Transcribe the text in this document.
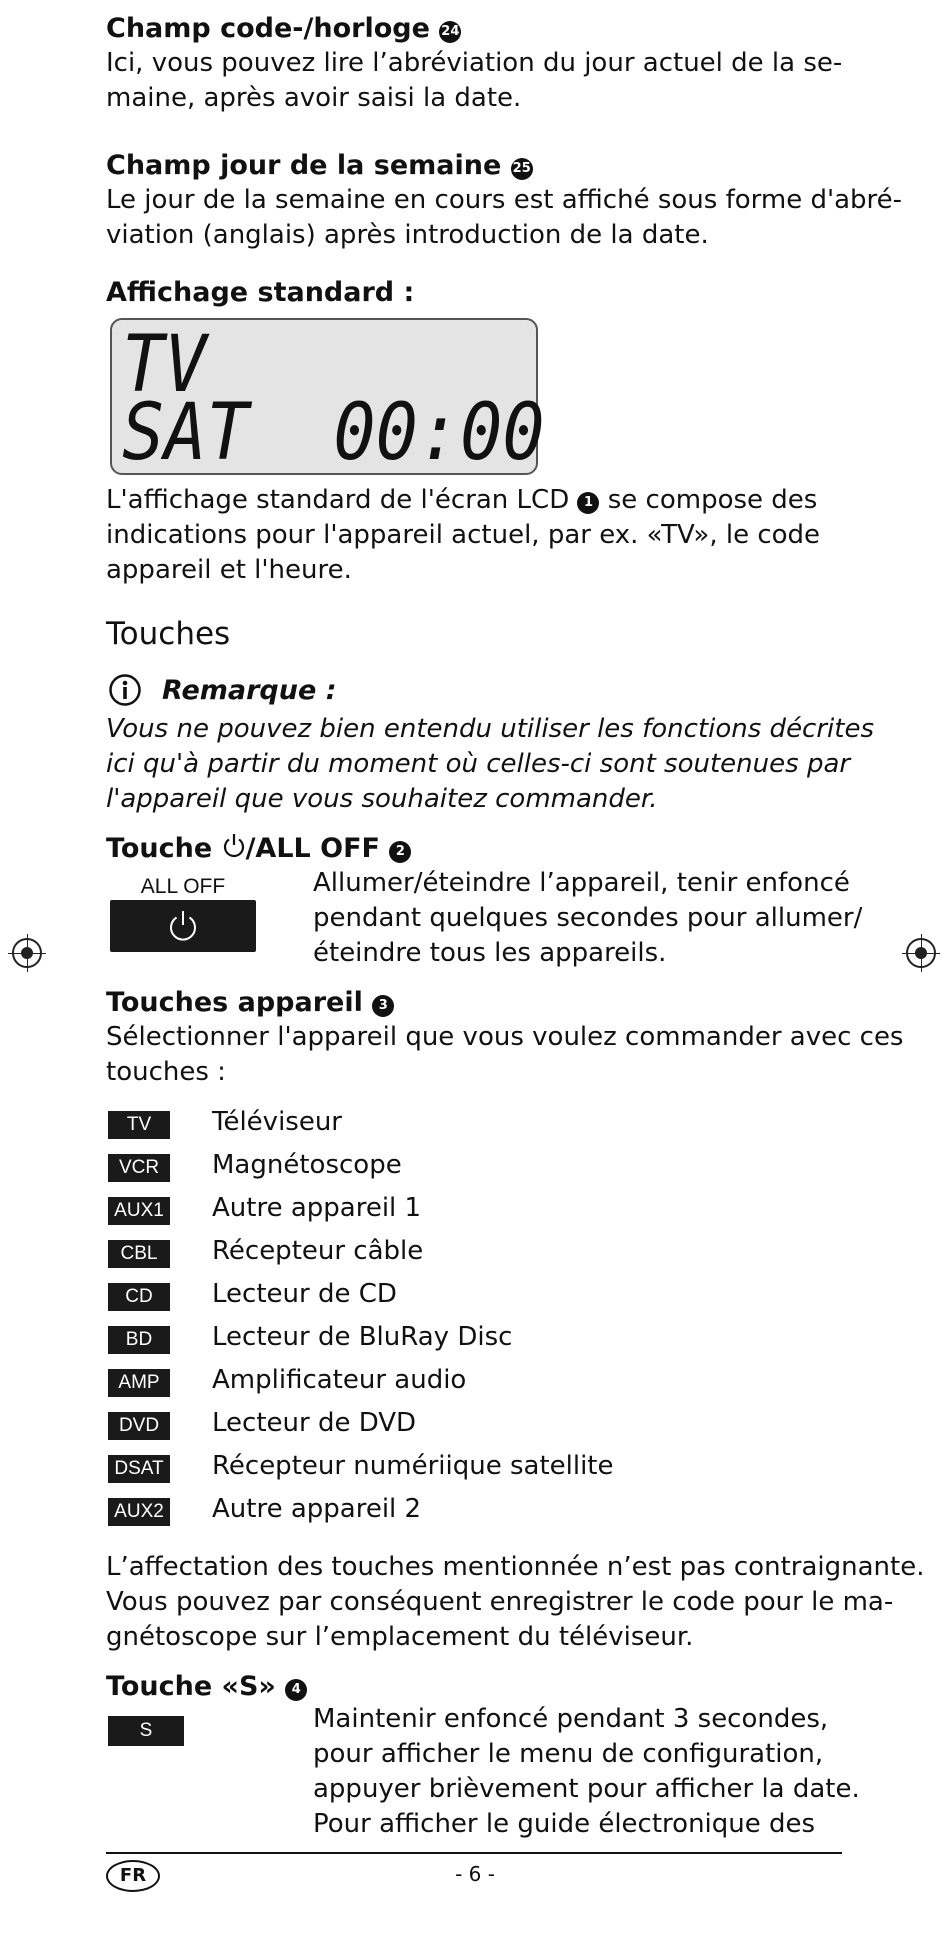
Champ code-/horloge 24

Ici, vous pouvez lire l’abréviation du jour actuel de la se-

maine, après avoir saisi la date.

Champ jour de la semaine 25

Le jour de la semaine en cours est affiché sous forme d'abré-

viation (anglais) après introduction de la date.

Affichage standard :

TV
SAT  00:00

L'affichage standard de l'écran LCD 1 se compose des

indications pour l'appareil actuel, par ex. «TV», le code

appareil et l'heure.

Touches

Remarque :

Vous ne pouvez bien entendu utiliser les fonctions décrites

ici qu'à partir du moment où celles-ci sont soutenues par

l'appareil que vous souhaitez commander.

Touche /ALL OFF 2

ALL OFF	Allumer/éteindre l’appareil, tenir enfoncé

pendant quelques secondes pour allumer/

éteindre tous les appareils.

Touches appareil 3

Sélectionner l'appareil que vous voulez commander avec ces

touches :

TV	Téléviseur
VCR	Magnétoscope
AUX1 Autre appareil 1
CBL	Récepteur câble
CD	Lecteur de CD
BD	Lecteur de BluRay Disc
AMP	Amplificateur audio
DVD	Lecteur de DVD
DSAT Récepteur numériique satellite
AUX2 Autre appareil 2

L’affectation des touches mentionnée n’est pas contraignante.

Vous pouvez par conséquent enregistrer le code pour le ma-

gnétoscope sur l’emplacement du téléviseur.

Touche «S» 4

S	Maintenir enfoncé pendant 3 secondes,

pour afficher le menu de configuration,

appuyer brièvement pour afficher la date.

Pour afficher le guide électronique des

FR	- 6 -
